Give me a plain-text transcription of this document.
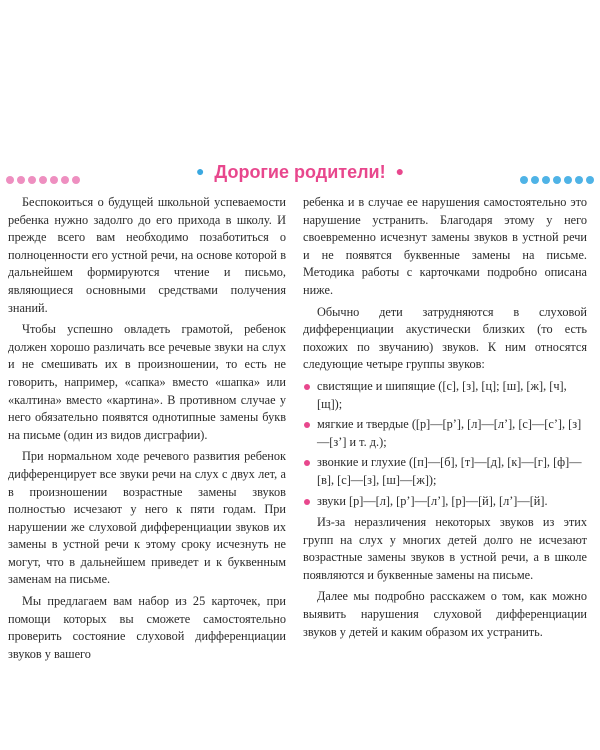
● Дорогие родители! ●

Беспокоиться о будущей школьной успеваемости ребенка нужно задолго до его прихода в школу. И прежде всего вам необходимо позаботиться о полноценности его устной речи, на основе которой в дальнейшем формируются чтение и письмо, являющиеся основными средствами получения знаний.

Чтобы успешно овладеть грамотой, ребенок должен хорошо различать все речевые звуки на слух и не смешивать их в произношении, то есть не говорить, например, «сапка» вместо «шапка» или «калтина» вместо «картина». В противном случае у него обязательно появятся однотипные замены букв на письме (один из видов дисграфии).

При нормальном ходе речевого развития ребенок дифференцирует все звуки речи на слух с двух лет, а в произношении возрастные замены звуков полностью исчезают у него к пяти годам. При нарушении же слуховой дифференциации звуков их замены в устной речи к этому сроку исчезнуть не могут, что в дальнейшем приведет и к буквенным заменам на письме.

Мы предлагаем вам набор из 25 карточек, при помощи которых вы сможете самостоятельно проверить состояние слуховой дифференциации звуков у вашего

ребенка и в случае ее нарушения самостоятельно это нарушение устранить. Благодаря этому у него своевременно исчезнут замены звуков в устной речи и не появятся буквенные замены на письме. Методика работы с карточками подробно описана ниже.

Обычно дети затрудняются в слуховой дифференциации акустически близких (то есть похожих по звучанию) звуков. К ним относятся следующие четыре группы звуков:

свистящие и шипящие ([с], [з], [ц]; [ш], [ж], [ч], [щ]);
мягкие и твердые ([р]—[р’], [л]—[л’], [с]—[с’], [з]—[з’] и т. д.);
звонкие и глухие ([п]—[б], [т]—[д], [к]—[г], [ф]—[в], [с]—[з], [ш]—[ж]);
звуки [р]—[л], [р’]—[л’], [р]—[й], [л’]—[й].

Из-за неразличения некоторых звуков из этих групп на слух у многих детей долго не исчезают возрастные замены звуков в устной речи, а в школе появляются и буквенные замены на письме.

Далее мы подробно расскажем о том, как можно выявить нарушения слуховой дифференциации звуков у детей и каким образом их устранить.
